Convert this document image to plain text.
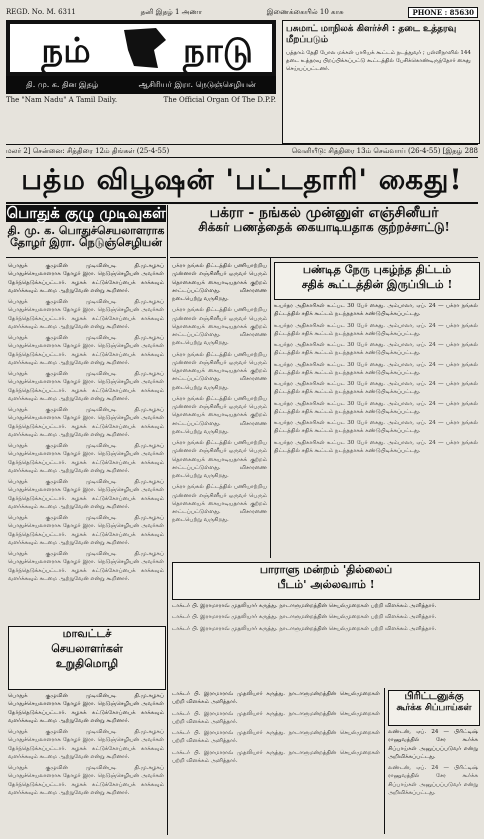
REGD. No. M. 6311	தனி இதழ் 1 அணா	இணைக்கையில் 10 காசு	PHONE : 85630
நம்	நாடு
தி. மு. க. தின இதழ்	ஆசிரியர் இரா. நெடுஞ்செழியன்
The "Nam Nadu" A Tamil Daily.	The Official Organ Of The D.P.P.
பசுமாட் மாநிலக் கிளர்ச்சி : தடை உத்தரவு மீறப்படும்
பத்தாம் தேதி போல மக்கள் பாரியக் கூட்டம் நடத்துவர் ; பள்ளிநாளில் 144 தடை உத்தரவு பிறப்பிக்கப்பட்டு கூட்டத்தில் பேசிக்கொண்டிருந்தோர் கைது செய்யப்பட்டனர்.
மலர் 2] சென்னை: சித்திரை 12ம் திங்கள் (25-4-55)	வெளியீடு: சித்திரை 13ம் செவ்வாய் (26-4-55) [இதழ் 288
பத்ம விபூஷன் 'பட்டதாரி' கைது!
பொதுக் குழு முடிவுகள்
தி. மு. க. பொதுச்செயலாளராக
தோழர் இரா. நெடுஞ்செழியன்
பக்ரா - நங்கல் முன்னுள் எஞ்சினீயர்
சிக்கர் பணத்தைக் கையாடியதாக குற்றச்சாட்டு!

பொதுக் குழுவின் முடிவின்படி தி.மு.கழகப் பொதுச்செயலாளராக தோழர் இரா. நெடுஞ்செழியன் அவர்கள் தேர்ந்தெடுக்கப்பட்டார். கழகக் கட்டுக்கோப்பைக் காக்கவும் வளர்க்கவும் கடமை ஆற்றுவேன் என்று கூறினார்.

பொதுக் குழுவின் முடிவின்படி தி.மு.கழகப் பொதுச்செயலாளராக தோழர் இரா. நெடுஞ்செழியன் அவர்கள் தேர்ந்தெடுக்கப்பட்டார். கழகக் கட்டுக்கோப்பைக் காக்கவும் வளர்க்கவும் கடமை ஆற்றுவேன் என்று கூறினார்.

பொதுக் குழுவின் முடிவின்படி தி.மு.கழகப் பொதுச்செயலாளராக தோழர் இரா. நெடுஞ்செழியன் அவர்கள் தேர்ந்தெடுக்கப்பட்டார். கழகக் கட்டுக்கோப்பைக் காக்கவும் வளர்க்கவும் கடமை ஆற்றுவேன் என்று கூறினார்.

பொதுக் குழுவின் முடிவின்படி தி.மு.கழகப் பொதுச்செயலாளராக தோழர் இரா. நெடுஞ்செழியன் அவர்கள் தேர்ந்தெடுக்கப்பட்டார். கழகக் கட்டுக்கோப்பைக் காக்கவும் வளர்க்கவும் கடமை ஆற்றுவேன் என்று கூறினார்.

பொதுக் குழுவின் முடிவின்படி தி.மு.கழகப் பொதுச்செயலாளராக தோழர் இரா. நெடுஞ்செழியன் அவர்கள் தேர்ந்தெடுக்கப்பட்டார். கழகக் கட்டுக்கோப்பைக் காக்கவும் வளர்க்கவும் கடமை ஆற்றுவேன் என்று கூறினார்.

பொதுக் குழுவின் முடிவின்படி தி.மு.கழகப் பொதுச்செயலாளராக தோழர் இரா. நெடுஞ்செழியன் அவர்கள் தேர்ந்தெடுக்கப்பட்டார். கழகக் கட்டுக்கோப்பைக் காக்கவும் வளர்க்கவும் கடமை ஆற்றுவேன் என்று கூறினார்.

பொதுக் குழுவின் முடிவின்படி தி.மு.கழகப் பொதுச்செயலாளராக தோழர் இரா. நெடுஞ்செழியன் அவர்கள் தேர்ந்தெடுக்கப்பட்டார். கழகக் கட்டுக்கோப்பைக் காக்கவும் வளர்க்கவும் கடமை ஆற்றுவேன் என்று கூறினார்.

பொதுக் குழுவின் முடிவின்படி தி.மு.கழகப் பொதுச்செயலாளராக தோழர் இரா. நெடுஞ்செழியன் அவர்கள் தேர்ந்தெடுக்கப்பட்டார். கழகக் கட்டுக்கோப்பைக் காக்கவும் வளர்க்கவும் கடமை ஆற்றுவேன் என்று கூறினார்.

பொதுக் குழுவின் முடிவின்படி தி.மு.கழகப் பொதுச்செயலாளராக தோழர் இரா. நெடுஞ்செழியன் அவர்கள் தேர்ந்தெடுக்கப்பட்டார். கழகக் கட்டுக்கோப்பைக் காக்கவும் வளர்க்கவும் கடமை ஆற்றுவேன் என்று கூறினார்.

மாவட்டச்
செயலாளர்கள்
உறுதிமொழி

பொதுக் குழுவின் முடிவின்படி தி.மு.கழகப் பொதுச்செயலாளராக தோழர் இரா. நெடுஞ்செழியன் அவர்கள் தேர்ந்தெடுக்கப்பட்டார். கழகக் கட்டுக்கோப்பைக் காக்கவும் வளர்க்கவும் கடமை ஆற்றுவேன் என்று கூறினார்.

பொதுக் குழுவின் முடிவின்படி தி.மு.கழகப் பொதுச்செயலாளராக தோழர் இரா. நெடுஞ்செழியன் அவர்கள் தேர்ந்தெடுக்கப்பட்டார். கழகக் கட்டுக்கோப்பைக் காக்கவும் வளர்க்கவும் கடமை ஆற்றுவேன் என்று கூறினார்.

பொதுக் குழுவின் முடிவின்படி தி.மு.கழகப் பொதுச்செயலாளராக தோழர் இரா. நெடுஞ்செழியன் அவர்கள் தேர்ந்தெடுக்கப்பட்டார். கழகக் கட்டுக்கோப்பைக் காக்கவும் வளர்க்கவும் கடமை ஆற்றுவேன் என்று கூறினார்.

பக்ரா நங்கல் திட்டத்தில் பணியாற்றிய முன்னாள் எஞ்சினீயர் ஒருவர் பெரும் தொகையைக் கையாடியதாகக் குற்றம் சாட்டப்பட்டுள்ளது. விசாரணை நடைபெற்று வருகிறது.

பக்ரா நங்கல் திட்டத்தில் பணியாற்றிய முன்னாள் எஞ்சினீயர் ஒருவர் பெரும் தொகையைக் கையாடியதாகக் குற்றம் சாட்டப்பட்டுள்ளது. விசாரணை நடைபெற்று வருகிறது.

பக்ரா நங்கல் திட்டத்தில் பணியாற்றிய முன்னாள் எஞ்சினீயர் ஒருவர் பெரும் தொகையைக் கையாடியதாகக் குற்றம் சாட்டப்பட்டுள்ளது. விசாரணை நடைபெற்று வருகிறது.

பக்ரா நங்கல் திட்டத்தில் பணியாற்றிய முன்னாள் எஞ்சினீயர் ஒருவர் பெரும் தொகையைக் கையாடியதாகக் குற்றம் சாட்டப்பட்டுள்ளது. விசாரணை நடைபெற்று வருகிறது.

பக்ரா நங்கல் திட்டத்தில் பணியாற்றிய முன்னாள் எஞ்சினீயர் ஒருவர் பெரும் தொகையைக் கையாடியதாகக் குற்றம் சாட்டப்பட்டுள்ளது. விசாரணை நடைபெற்று வருகிறது.

பக்ரா நங்கல் திட்டத்தில் பணியாற்றிய முன்னாள் எஞ்சினீயர் ஒருவர் பெரும் தொகையைக் கையாடியதாகக் குற்றம் சாட்டப்பட்டுள்ளது. விசாரணை நடைபெற்று வருகிறது.

பண்டித நேரு புகழ்ந்த திட்டம்
சதிக் கூட்டத்தின் இருப்பிடம் !

உயர்தர அதிகாரிகள் உட்பட 30 பேர் கைது. அம்பாலா, ஏப். 24 — பக்ரா நங்கல் திட்டத்தில் சதிக் கூட்டம் நடந்ததாகக் கண்டுபிடிக்கப்பட்டது.

உயர்தர அதிகாரிகள் உட்பட 30 பேர் கைது. அம்பாலா, ஏப். 24 — பக்ரா நங்கல் திட்டத்தில் சதிக் கூட்டம் நடந்ததாகக் கண்டுபிடிக்கப்பட்டது.

உயர்தர அதிகாரிகள் உட்பட 30 பேர் கைது. அம்பாலா, ஏப். 24 — பக்ரா நங்கல் திட்டத்தில் சதிக் கூட்டம் நடந்ததாகக் கண்டுபிடிக்கப்பட்டது.

உயர்தர அதிகாரிகள் உட்பட 30 பேர் கைது. அம்பாலா, ஏப். 24 — பக்ரா நங்கல் திட்டத்தில் சதிக் கூட்டம் நடந்ததாகக் கண்டுபிடிக்கப்பட்டது.

உயர்தர அதிகாரிகள் உட்பட 30 பேர் கைது. அம்பாலா, ஏப். 24 — பக்ரா நங்கல் திட்டத்தில் சதிக் கூட்டம் நடந்ததாகக் கண்டுபிடிக்கப்பட்டது.

உயர்தர அதிகாரிகள் உட்பட 30 பேர் கைது. அம்பாலா, ஏப். 24 — பக்ரா நங்கல் திட்டத்தில் சதிக் கூட்டம் நடந்ததாகக் கண்டுபிடிக்கப்பட்டது.

உயர்தர அதிகாரிகள் உட்பட 30 பேர் கைது. அம்பாலா, ஏப். 24 — பக்ரா நங்கல் திட்டத்தில் சதிக் கூட்டம் நடந்ததாகக் கண்டுபிடிக்கப்பட்டது.

உயர்தர அதிகாரிகள் உட்பட 30 பேர் கைது. அம்பாலா, ஏப். 24 — பக்ரா நங்கல் திட்டத்தில் சதிக் கூட்டம் நடந்ததாகக் கண்டுபிடிக்கப்பட்டது.

பாராளு மன்றம் 'தில்லைப்
பீடம்' அல்லவாம் !

டாக்டர் பி. இராமாராவ் முதலியார் கருத்து. நாடாளுமன்றத்தின் செயல்முறைகள் பற்றி விளக்கம் அளித்தார்.

டாக்டர் பி. இராமாராவ் முதலியார் கருத்து. நாடாளுமன்றத்தின் செயல்முறைகள் பற்றி விளக்கம் அளித்தார்.

டாக்டர் பி. இராமாராவ் முதலியார் கருத்து. நாடாளுமன்றத்தின் செயல்முறைகள் பற்றி விளக்கம் அளித்தார்.

டாக்டர் பி. இராமாராவ் முதலியார் கருத்து. நாடாளுமன்றத்தின் செயல்முறைகள் பற்றி விளக்கம் அளித்தார்.

டாக்டர் பி. இராமாராவ் முதலியார் கருத்து. நாடாளுமன்றத்தின் செயல்முறைகள் பற்றி விளக்கம் அளித்தார்.

டாக்டர் பி. இராமாராவ் முதலியார் கருத்து. நாடாளுமன்றத்தின் செயல்முறைகள் பற்றி விளக்கம் அளித்தார்.

டாக்டர் பி. இராமாராவ் முதலியார் கருத்து. நாடாளுமன்றத்தின் செயல்முறைகள் பற்றி விளக்கம் அளித்தார்.

பிரிட்டனுக்கு
கூர்க்க சிப்பாய்கள்

லண்டன், ஏப். 24 — பிரிட்டிஷ் ராணுவத்தில் சேர கூர்க்க சிப்பாய்கள் அனுப்பப்படுவர் என்று அறிவிக்கப்பட்டது.

லண்டன், ஏப். 24 — பிரிட்டிஷ் ராணுவத்தில் சேர கூர்க்க சிப்பாய்கள் அனுப்பப்படுவர் என்று அறிவிக்கப்பட்டது.
